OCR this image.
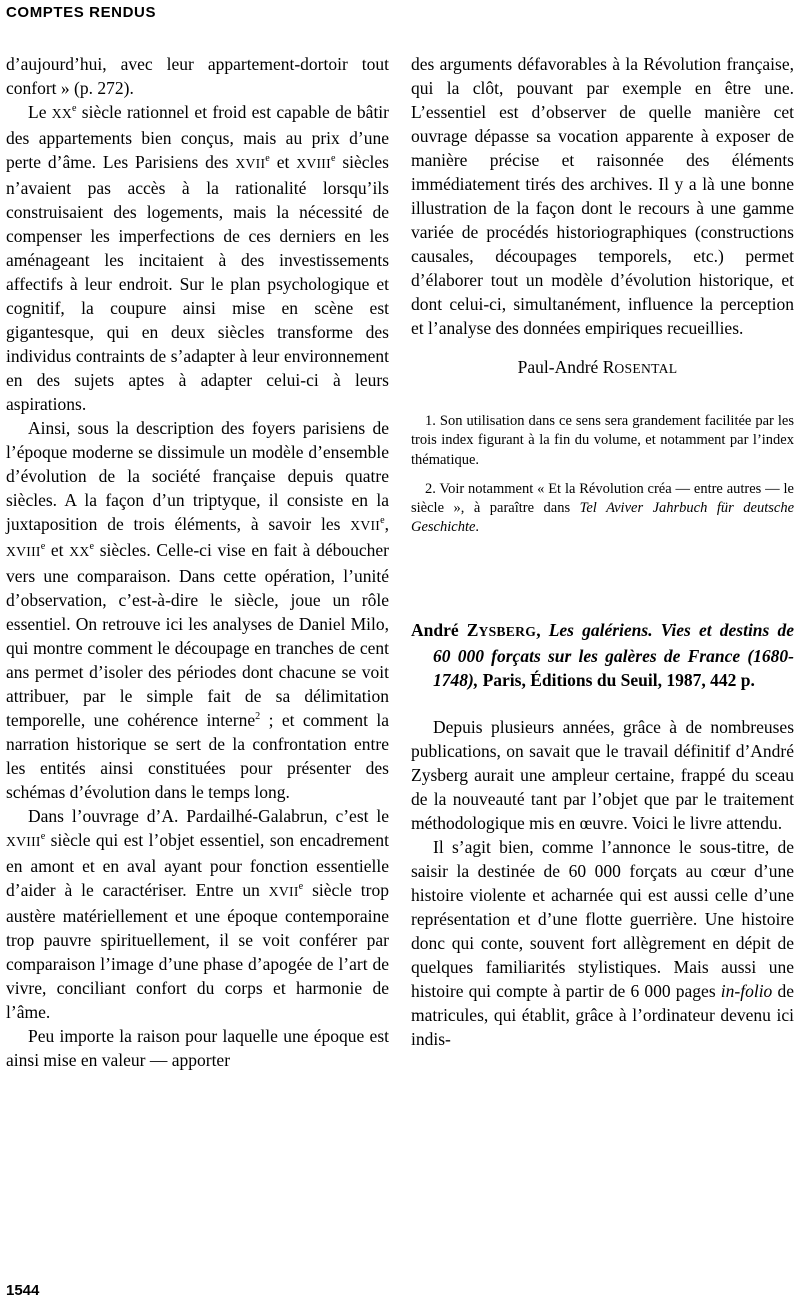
COMPTES RENDUS

d’aujourd’hui, avec leur appartement-dortoir tout confort » (p. 272).

Le XXe siècle rationnel et froid est capable de bâtir des appartements bien conçus, mais au prix d’une perte d’âme. Les Parisiens des XVIIe et XVIIIe siècles n’avaient pas accès à la rationalité lorsqu’ils construisaient des logements, mais la nécessité de compenser les imperfections de ces derniers en les aménageant les incitaient à des investissements affectifs à leur endroit. Sur le plan psychologique et cognitif, la coupure ainsi mise en scène est gigantesque, qui en deux siècles transforme des individus contraints de s’adapter à leur environnement en des sujets aptes à adapter celui-ci à leurs aspirations.

Ainsi, sous la description des foyers parisiens de l’époque moderne se dissimule un modèle d’ensemble d’évolution de la société française depuis quatre siècles. A la façon d’un triptyque, il consiste en la juxtaposition de trois éléments, à savoir les XVIIe, XVIIIe et XXe siècles. Celle-ci vise en fait à déboucher vers une comparaison. Dans cette opération, l’unité d’observation, c’est-à-dire le siècle, joue un rôle essentiel. On retrouve ici les analyses de Daniel Milo, qui montre comment le découpage en tranches de cent ans permet d’isoler des périodes dont chacune se voit attribuer, par le simple fait de sa délimitation temporelle, une cohérence interne$^2$ ; et comment la narration historique se sert de la confrontation entre les entités ainsi constituées pour présenter des schémas d’évolution dans le temps long.

Dans l’ouvrage d’A. Pardailhé-Galabrun, c’est le XVIIIe siècle qui est l’objet essentiel, son encadrement en amont et en aval ayant pour fonction essentielle d’aider à le caractériser. Entre un XVIIe siècle trop austère matériellement et une époque contemporaine trop pauvre spirituellement, il se voit conférer par comparaison l’image d’une phase d’apogée de l’art de vivre, conciliant confort du corps et harmonie de l’âme.

Peu importe la raison pour laquelle une époque est ainsi mise en valeur — apporter

des arguments défavorables à la Révolution française, qui la clôt, pouvant par exemple en être une. L’essentiel est d’observer de quelle manière cet ouvrage dépasse sa vocation apparente à exposer de manière précise et raisonnée des éléments immédiatement tirés des archives. Il y a là une bonne illustration de la façon dont le recours à une gamme variée de procédés historiographiques (constructions causales, découpages temporels, etc.) permet d’élaborer tout un modèle d’évolution historique, et dont celui-ci, simultanément, influence la perception et l’analyse des données empiriques recueillies.

Paul-André ROSENTAL

1. Son utilisation dans ce sens sera grandement facilitée par les trois index figurant à la fin du volume, et notamment par l’index thématique.

2. Voir notamment « Et la Révolution créa — entre autres — le siècle », à paraître dans Tel Aviver Jahrbuch für deutsche Geschichte.

André ZYSBERG, Les galériens. Vies et destins de 60 000 forçats sur les galères de France (1680-1748), Paris, Éditions du Seuil, 1987, 442 p.

Depuis plusieurs années, grâce à de nombreuses publications, on savait que le travail définitif d’André Zysberg aurait une ampleur certaine, frappé du sceau de la nouveauté tant par l’objet que par le traitement méthodologique mis en œuvre. Voici le livre attendu.

Il s’agit bien, comme l’annonce le sous-titre, de saisir la destinée de 60 000 forçats au cœur d’une histoire violente et acharnée qui est aussi celle d’une représentation et d’une flotte guerrière. Une histoire donc qui conte, souvent fort allègrement en dépit de quelques familiarités stylistiques. Mais aussi une histoire qui compte à partir de 6 000 pages in-folio de matricules, qui établit, grâce à l’ordinateur devenu ici indis-

1544
